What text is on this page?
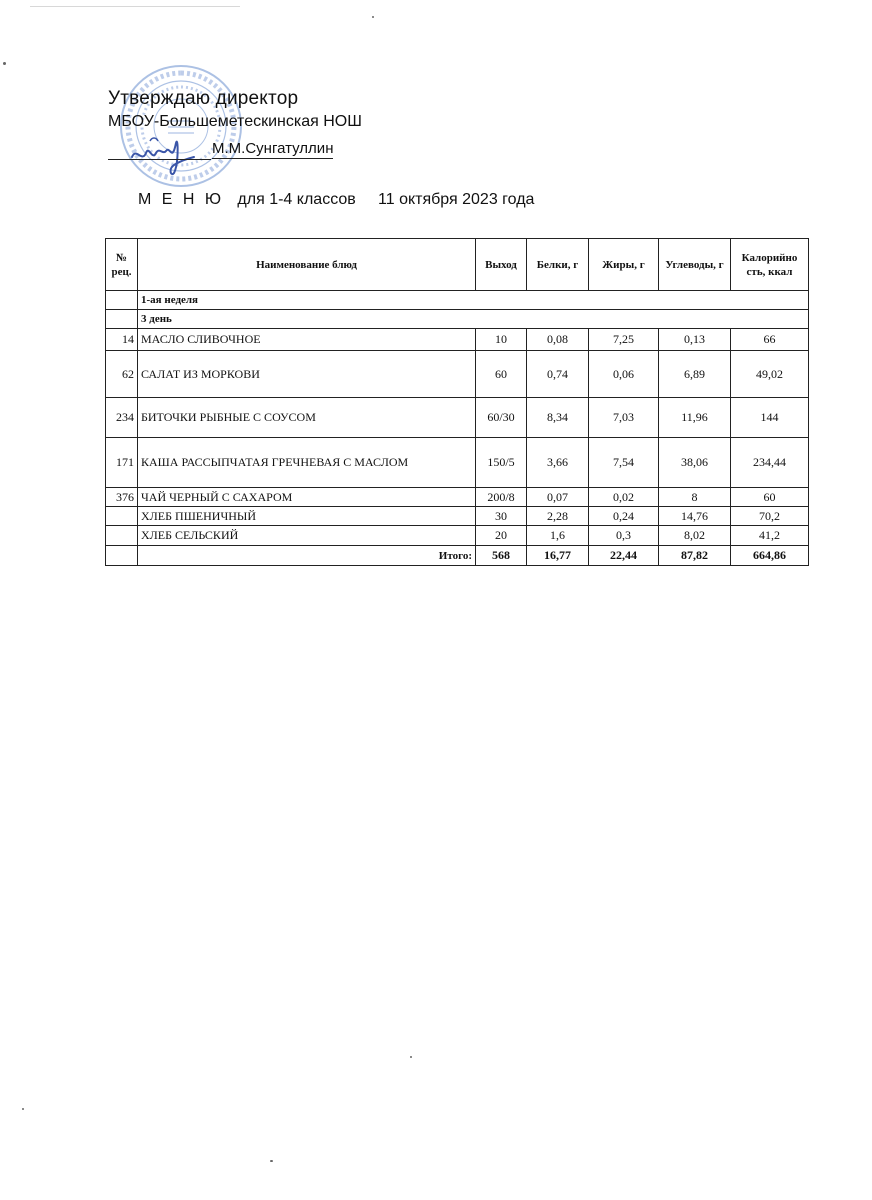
Утверждаю директор
МБОУ-Большеметескинская НОШ
М.М.Сунгатуллин
М Е Н Ю для 1-4 классов 11 октября 2023 года
№ рец.	Наименование блюд	Выход	Белки, г	Жиры, г	Углеводы, г	Калорийно сть, ккал
	1-ая неделя					
	3 день					
14	МАСЛО СЛИВОЧНОЕ	10	0,08	7,25	0,13	66
62	САЛАТ ИЗ МОРКОВИ	60	0,74	0,06	6,89	49,02
234	БИТОЧКИ РЫБНЫЕ С СОУСОМ	60/30	8,34	7,03	11,96	144
171	КАША РАССЫПЧАТАЯ ГРЕЧНЕВАЯ С МАСЛОМ	150/5	3,66	7,54	38,06	234,44
376	ЧАЙ ЧЕРНЫЙ С САХАРОМ	200/8	0,07	0,02	8	60
	ХЛЕБ ПШЕНИЧНЫЙ	30	2,28	0,24	14,76	70,2
	ХЛЕБ СЕЛЬСКИЙ	20	1,6	0,3	8,02	41,2
	Итого:	568	16,77	22,44	87,82	664,86
